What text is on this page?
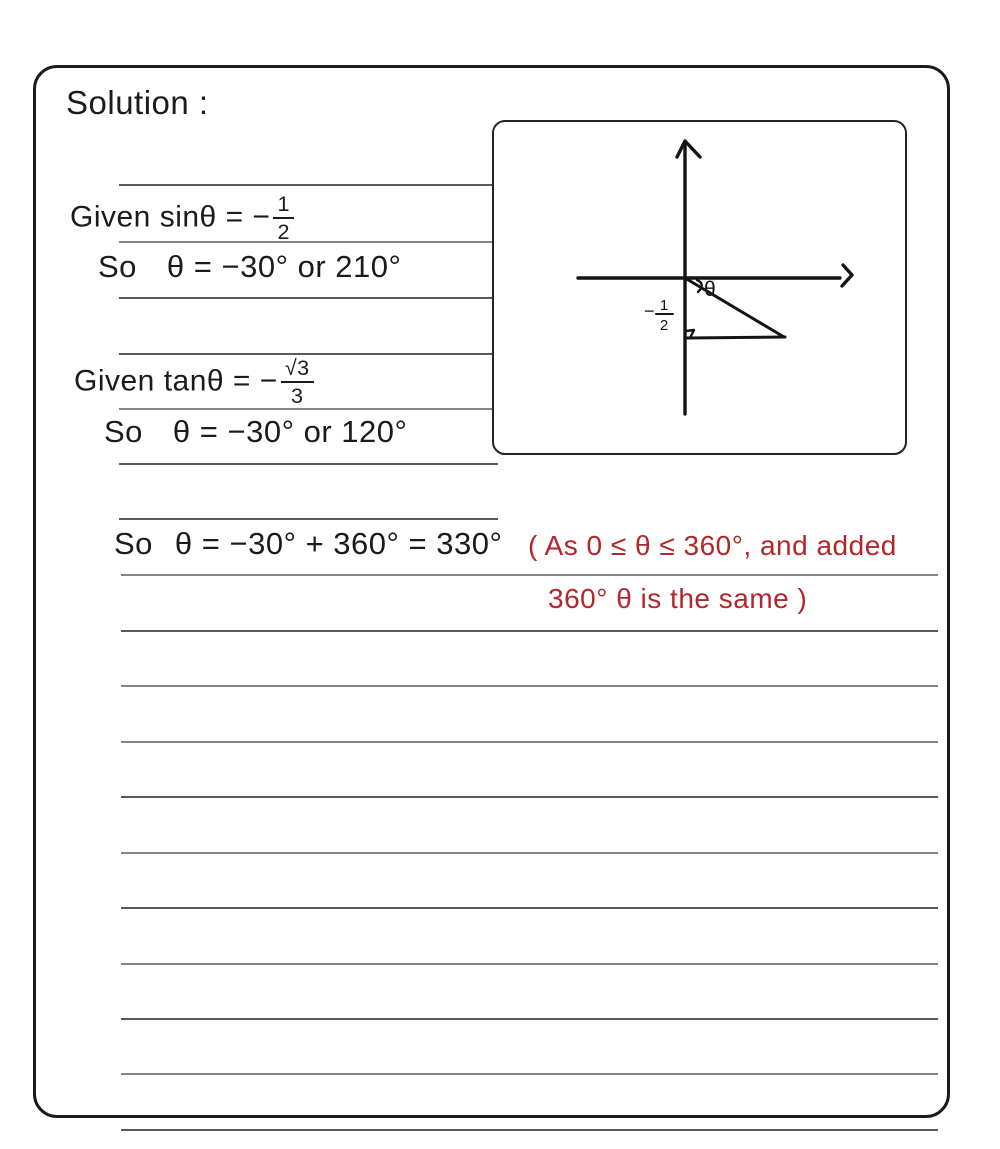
Solution :
Given sinθ = − $\frac{1}{2}$
So θ = −30° or 210°
Given tanθ = − $\frac{√3}{3}$
So θ = −30° or 120°
So θ = −30° + 360° = 330° ( As 0 ≤ θ ≤ 360°, and added
360° θ is the same )
θ
− 1
2
